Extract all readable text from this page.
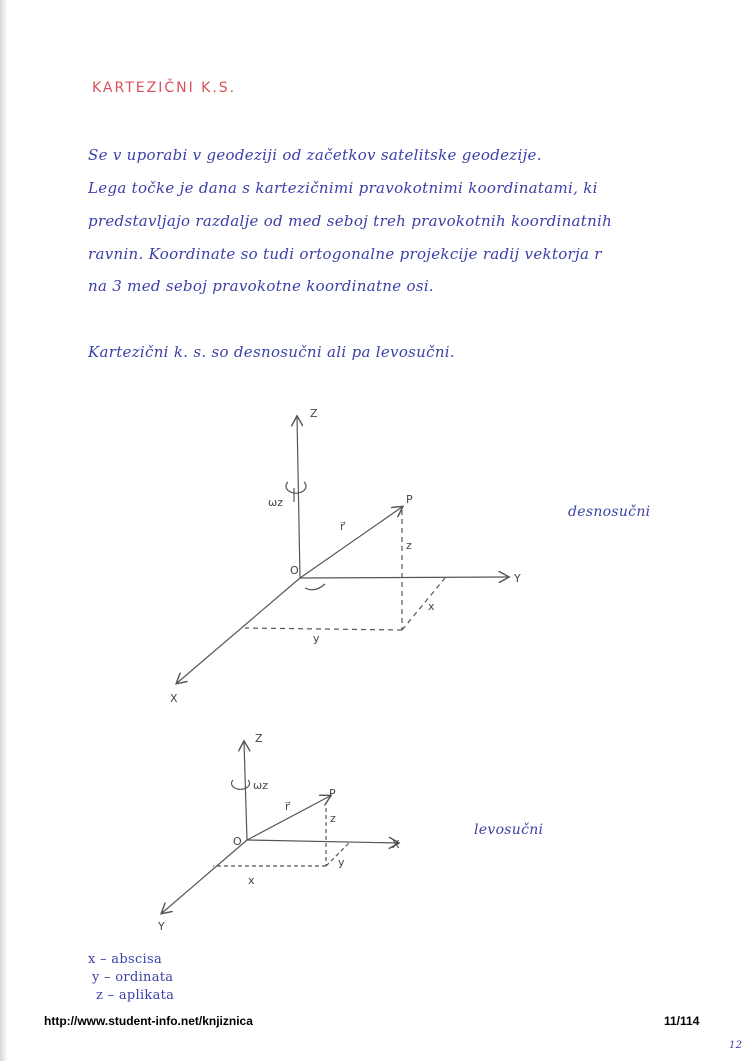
KARTEZIČNI K.S.
Se v uporabi v geodeziji od začetkov satelitske geodezije.
Lega točke je dana s kartezičnimi pravokotnimi koordinatami, ki
predstavljajo razdalje od med seboj treh pravokotnih koordinatnih
ravnin. Koordinate so tudi ortogonalne projekcije radij vektorja r
na 3 med seboj pravokotne koordinatne osi.
Kartezični k. s. so desnosučni ali pa levosučni.
Z
Y
X
O
P
ωz
r⃗
z
x
y
Z
X
Y
O
P
ωz
r⃗
z
x
y
desnosučni
levosučni
x – abscisa
y – ordinata
z – aplikata
http://www.student-info.net/knjiznica	11/114
12
